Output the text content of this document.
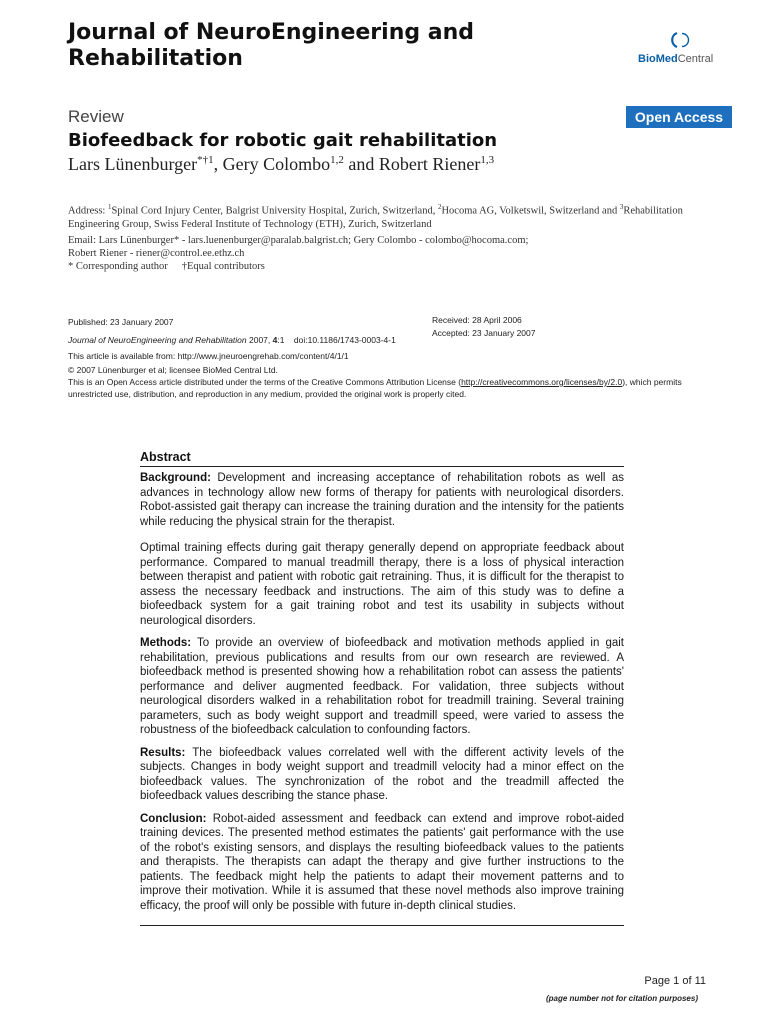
Journal of NeuroEngineering and Rehabilitation	BioMedCentral
Review	Open Access
Biofeedback for robotic gait rehabilitation
Lars Lünenburger$^{*\dagger 1}$, Gery Colombo$^{1,2}$ and Robert Riener$^{1,3}$
Address: $^1$Spinal Cord Injury Center, Balgrist University Hospital, Zurich, Switzerland, $^2$Hocoma AG, Volketswil, Switzerland and $^3$Rehabilitation Engineering Group, Swiss Federal Institute of Technology (ETH), Zurich, Switzerland
Email: Lars Lünenburger* - lars.luenenburger@paralab.balgrist.ch; Gery Colombo - colombo@hocoma.com;
Robert Riener - riener@control.ee.ethz.ch
* Corresponding author †Equal contributors
Published: 23 January 2007
Journal of NeuroEngineering and Rehabilitation 2007, 4:1    doi:10.1186/1743-0003-4-1
This article is available from: http://www.jneuroengrehab.com/content/4/1/1
Received: 28 April 2006
Accepted: 23 January 2007
© 2007 Lünenburger et al; licensee BioMed Central Ltd.
This is an Open Access article distributed under the terms of the Creative Commons Attribution License (http://creativecommons.org/licenses/by/2.0), which permits unrestricted use, distribution, and reproduction in any medium, provided the original work is properly cited.
Abstract

Background: Development and increasing acceptance of rehabilitation robots as well as advances in technology allow new forms of therapy for patients with neurological disorders. Robot-assisted gait therapy can increase the training duration and the intensity for the patients while reducing the physical strain for the therapist.

Optimal training effects during gait therapy generally depend on appropriate feedback about performance. Compared to manual treadmill therapy, there is a loss of physical interaction between therapist and patient with robotic gait retraining. Thus, it is difficult for the therapist to assess the necessary feedback and instructions. The aim of this study was to define a biofeedback system for a gait training robot and test its usability in subjects without neurological disorders.

Methods: To provide an overview of biofeedback and motivation methods applied in gait rehabilitation, previous publications and results from our own research are reviewed. A biofeedback method is presented showing how a rehabilitation robot can assess the patients' performance and deliver augmented feedback. For validation, three subjects without neurological disorders walked in a rehabilitation robot for treadmill training. Several training parameters, such as body weight support and treadmill speed, were varied to assess the robustness of the biofeedback calculation to confounding factors.

Results: The biofeedback values correlated well with the different activity levels of the subjects. Changes in body weight support and treadmill velocity had a minor effect on the biofeedback values. The synchronization of the robot and the treadmill affected the biofeedback values describing the stance phase.

Conclusion: Robot-aided assessment and feedback can extend and improve robot-aided training devices. The presented method estimates the patients' gait performance with the use of the robot's existing sensors, and displays the resulting biofeedback values to the patients and therapists. The therapists can adapt the therapy and give further instructions to the patients. The feedback might help the patients to adapt their movement patterns and to improve their motivation. While it is assumed that these novel methods also improve training efficacy, the proof will only be possible with future in-depth clinical studies.

Page 1 of 11
(page number not for citation purposes)
